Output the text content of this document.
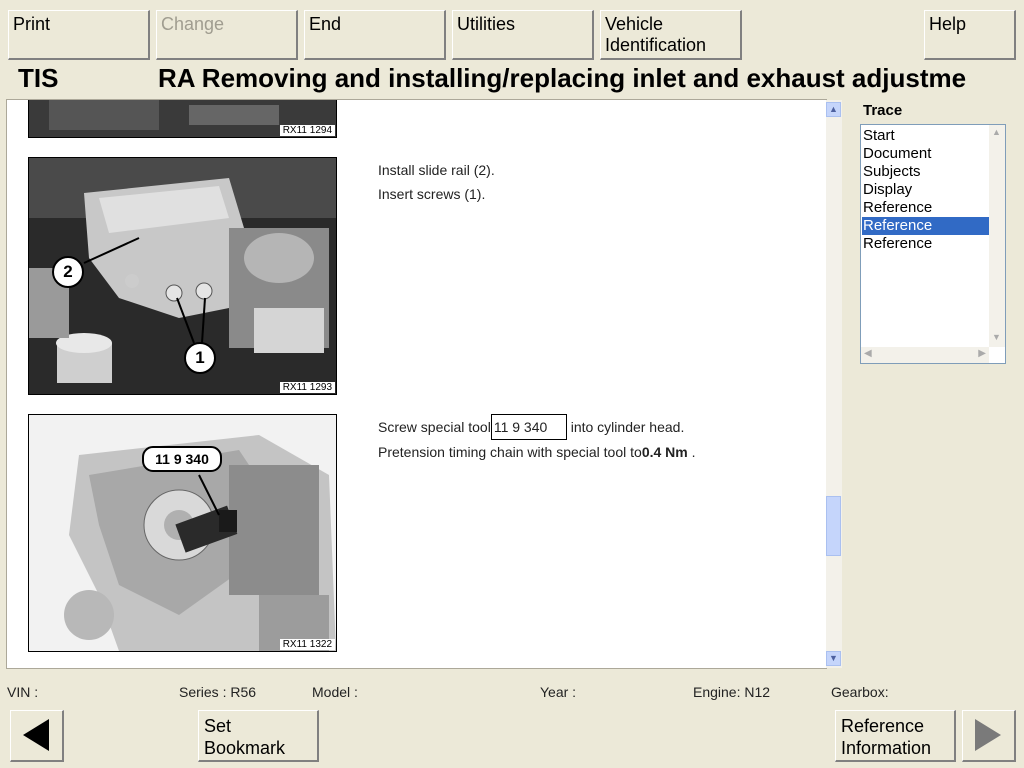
Print	Change	End	Utilities	Vehicle
Identification
Help
TIS	RA Removing and installing/replacing inlet and exhaust adjustme
RX11 1294
2
1
RX11 1293
Install slide rail (2).
Insert screws (1).
11 9 340
RX11 1322
Screw special tool 11 9 340 into cylinder head.
Pretension timing chain with special tool to0.4 Nm .
▲
▼
Trace
Start
Document
Subjects
Display
Reference
Reference
Reference
▲
▼
◀	▶
VIN :	Series : R56	Model :	Year :	Engine: N12	Gearbox:
Set
Bookmark
Reference
Information
